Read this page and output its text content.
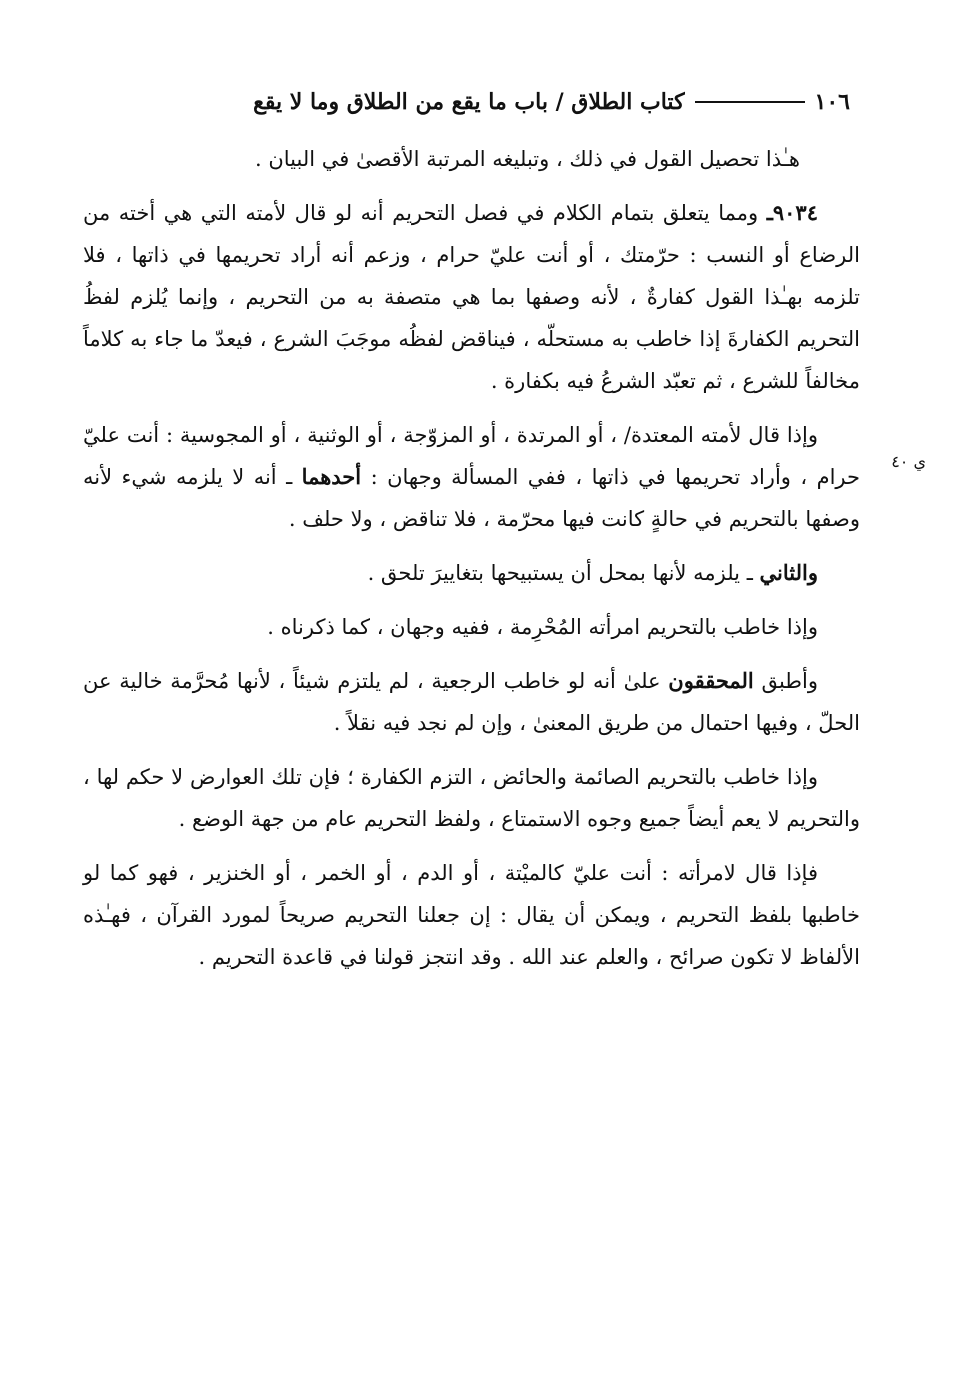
١٠٦
كتاب الطلاق / باب ما يقع من الطلاق وما لا يقع
ي ٤٠

هـٰذا تحصيل القول في ذلك ، وتبليغه المرتبة الأقصىٰ في البيان .

٩٠٣٤ـ ومما يتعلق بتمام الكلام في فصل التحريم أنه لو قال لأمته التي هي أخته من الرضاع أو النسب : حرّمتك ، أو أنت عليّ حرام ، وزعم أنه أراد تحريمها في ذاتها ، فلا تلزمه بهـٰذا القول كفارةٌ ، لأنه وصفها بما هي متصفة به من التحريم ، وإنما يُلزم لفظُ التحريم الكفارةَ إذا خاطب به مستحلّه ، فيناقض لفظُه موجَبَ الشرع ، فيعدّ ما جاء به كلاماً مخالفاً للشرع ، ثم تعبّد الشرعُ فيه بكفارة .

وإذا قال لأمته المعتدة/ ، أو المرتدة ، أو المزوّجة ، أو الوثنية ، أو المجوسية : أنت عليّ حرام ، وأراد تحريمها في ذاتها ، ففي المسألة وجهان : أحدهما ـ أنه لا يلزمه شيء لأنه وصفها بالتحريم في حالةٍ كانت فيها محرّمة ، فلا تناقض ، ولا حلف .

والثاني ـ يلزمه لأنها بمحل أن يستبيحها بتغاييرَ تلحق .

وإذا خاطب بالتحريم امرأته المُحْرِمة ، ففيه وجهان ، كما ذكرناه .

وأطبق المحققون علىٰ أنه لو خاطب الرجعية ، لم يلتزم شيئاً ، لأنها مُحرَّمة خالية عن الحلّ ، وفيها احتمال من طريق المعنىٰ ، وإن لم نجد فيه نقلاً .

وإذا خاطب بالتحريم الصائمة والحائض ، التزم الكفارة ؛ فإن تلك العوارض لا حكم لها ، والتحريم لا يعم أيضاً جميع وجوه الاستمتاع ، ولفظ التحريم عام من جهة الوضع .

فإذا قال لامرأته : أنت عليّ كالميْتة ، أو الدم ، أو الخمر ، أو الخنزير ، فهو كما لو خاطبها بلفظ التحريم ، ويمكن أن يقال : إن جعلنا التحريم صريحاً لمورد القرآن ، فهـٰذه الألفاظ لا تكون صرائح ، والعلم عند الله . وقد انتجز قولنا في قاعدة التحريم .
